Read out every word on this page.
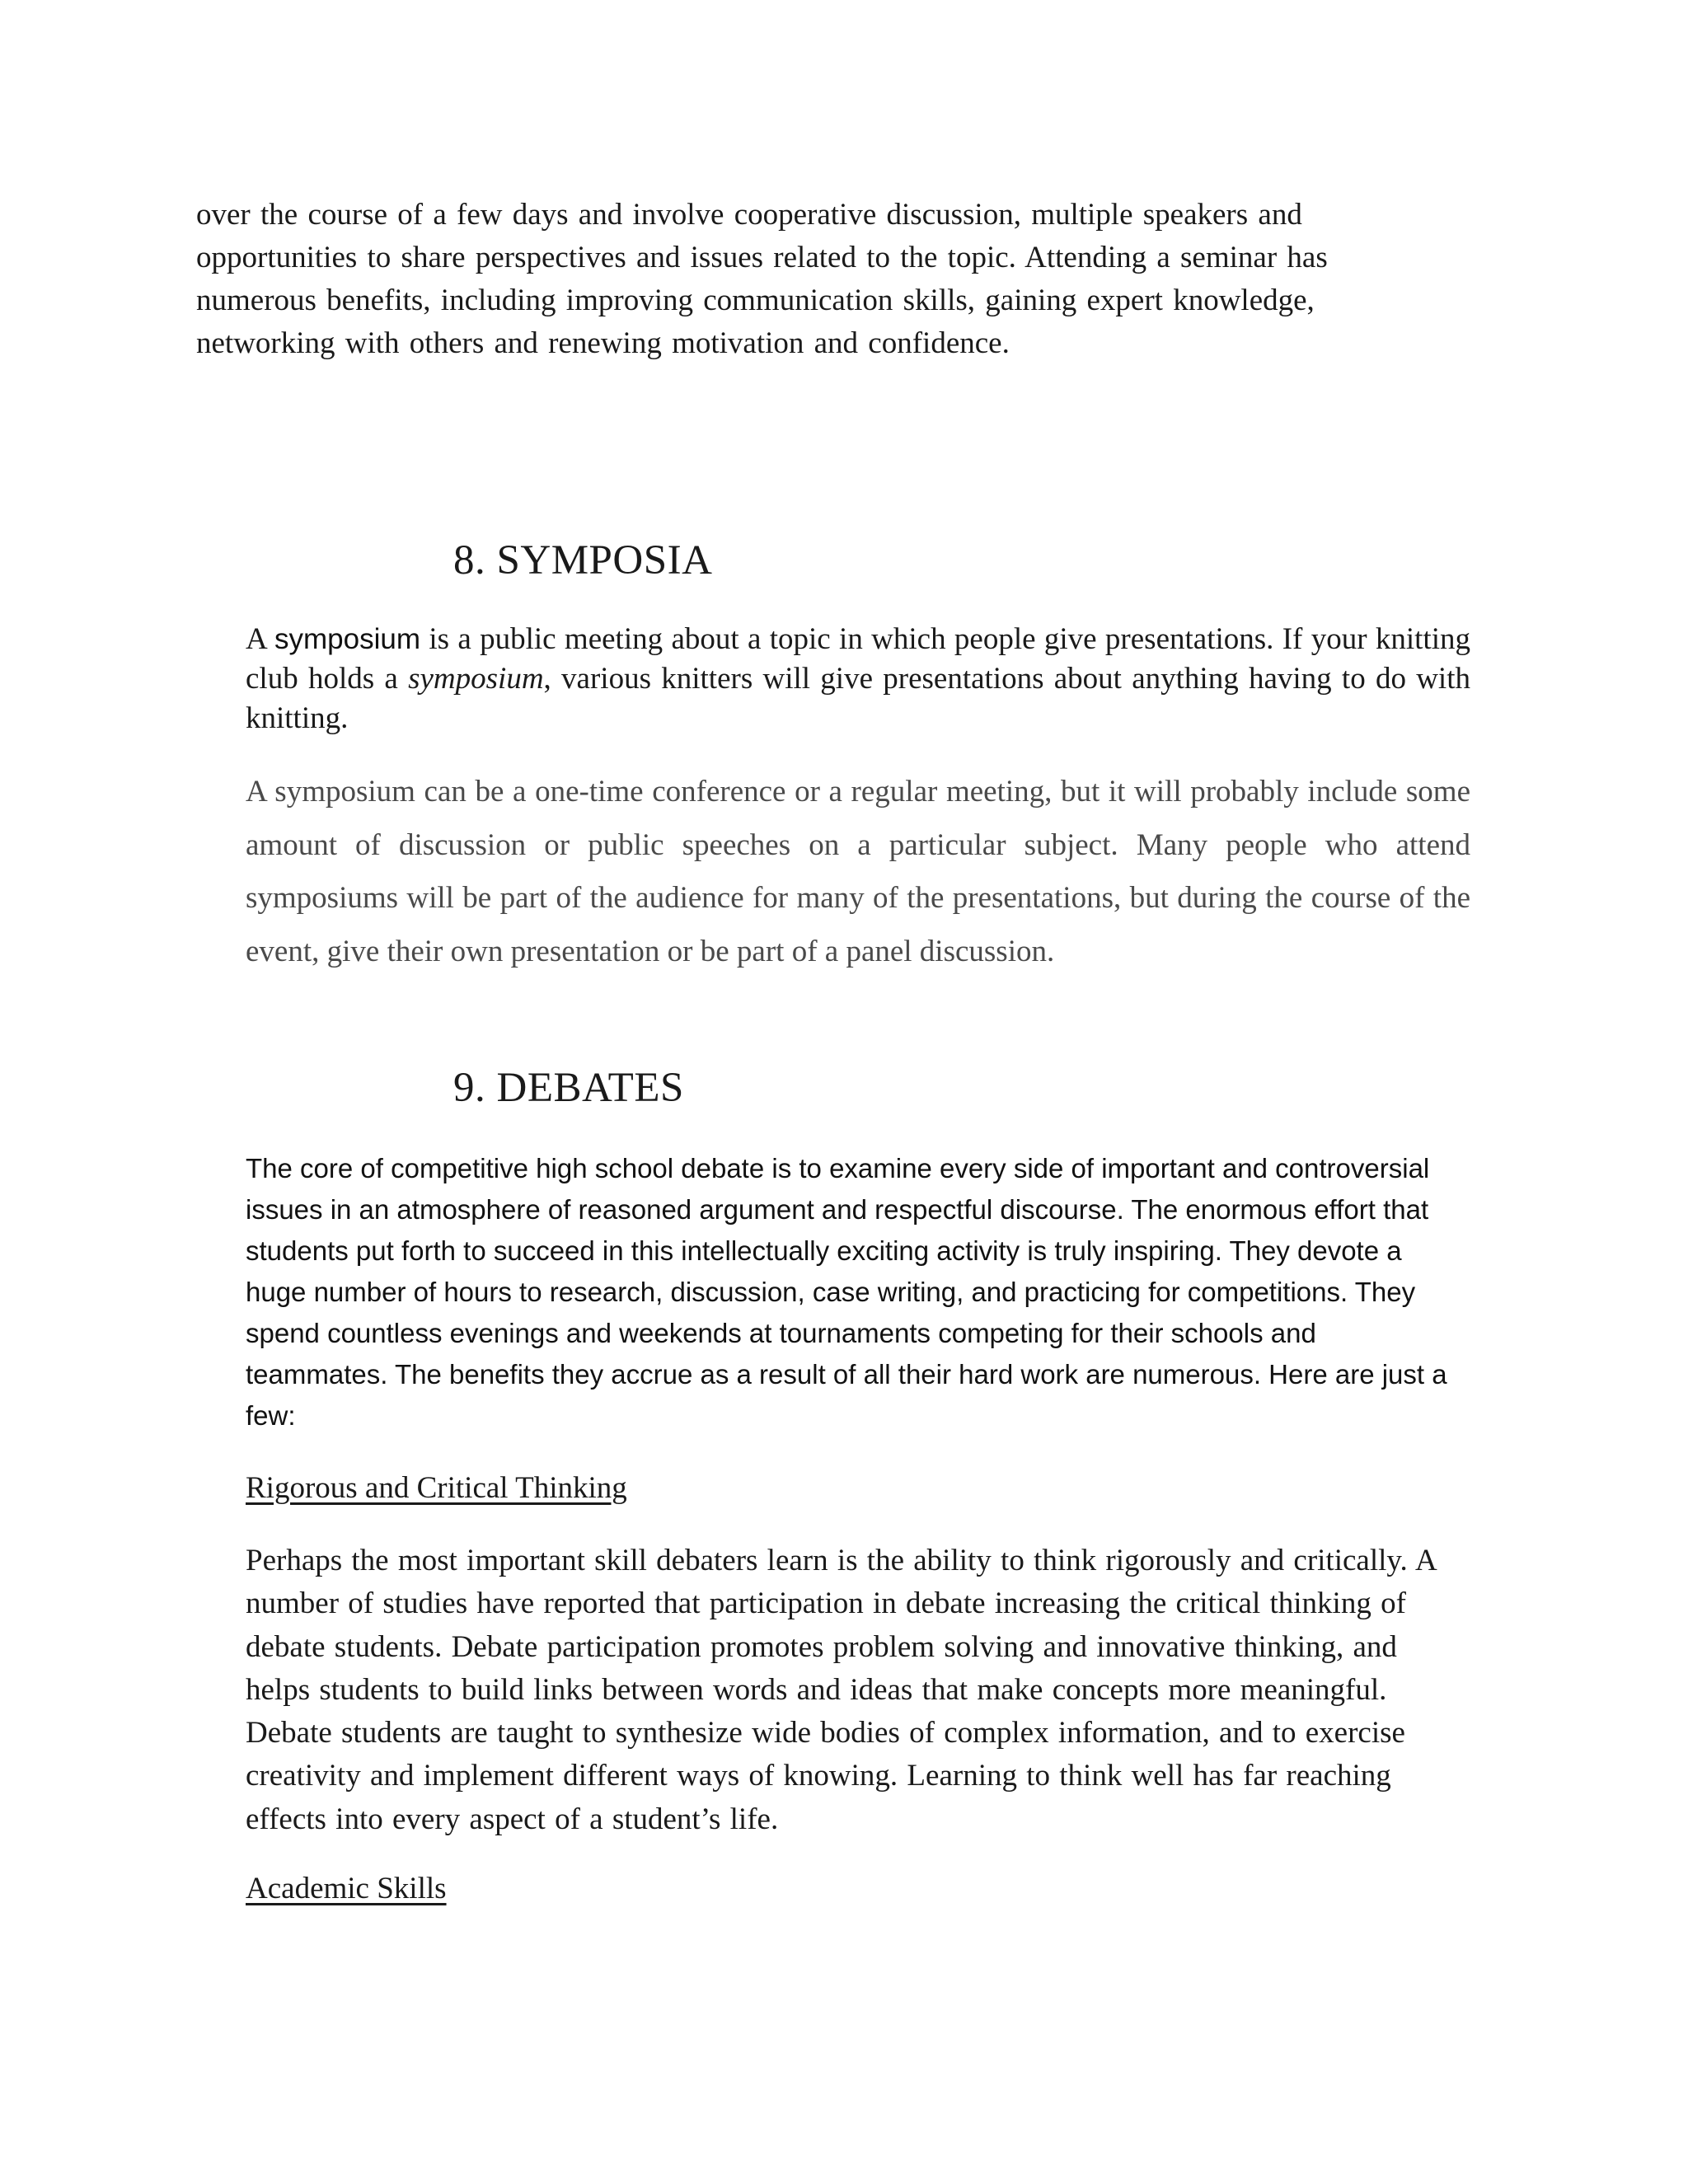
over the course of a few days and involve cooperative discussion, multiple speakers and opportunities to share perspectives and issues related to the topic. Attending a seminar has numerous benefits, including improving communication skills, gaining expert knowledge, networking with others and renewing motivation and confidence.

8. SYMPOSIA

A symposium is a public meeting about a topic in which people give presentations. If your knitting club holds a symposium, various knitters will give presentations about anything having to do with knitting.

A symposium can be a one-time conference or a regular meeting, but it will probably include some amount of discussion or public speeches on a particular subject. Many people who attend symposiums will be part of the audience for many of the presentations, but during the course of the event, give their own presentation or be part of a panel discussion.

9. DEBATES

The core of competitive high school debate is to examine every side of important and controversial issues in an atmosphere of reasoned argument and respectful discourse. The enormous effort that students put forth to succeed in this intellectually exciting activity is truly inspiring. They devote a huge number of hours to research, discussion, case writing, and practicing for competitions. They spend countless evenings and weekends at tournaments competing for their schools and teammates. The benefits they accrue as a result of all their hard work are numerous. Here are just a few:

Rigorous and Critical Thinking

Perhaps the most important skill debaters learn is the ability to think rigorously and critically. A number of studies have reported that participation in debate increasing the critical thinking of debate students. Debate participation promotes problem solving and innovative thinking, and helps students to build links between words and ideas that make concepts more meaningful. Debate students are taught to synthesize wide bodies of complex information, and to exercise creativity and implement different ways of knowing. Learning to think well has far reaching effects into every aspect of a student’s life.

Academic Skills
